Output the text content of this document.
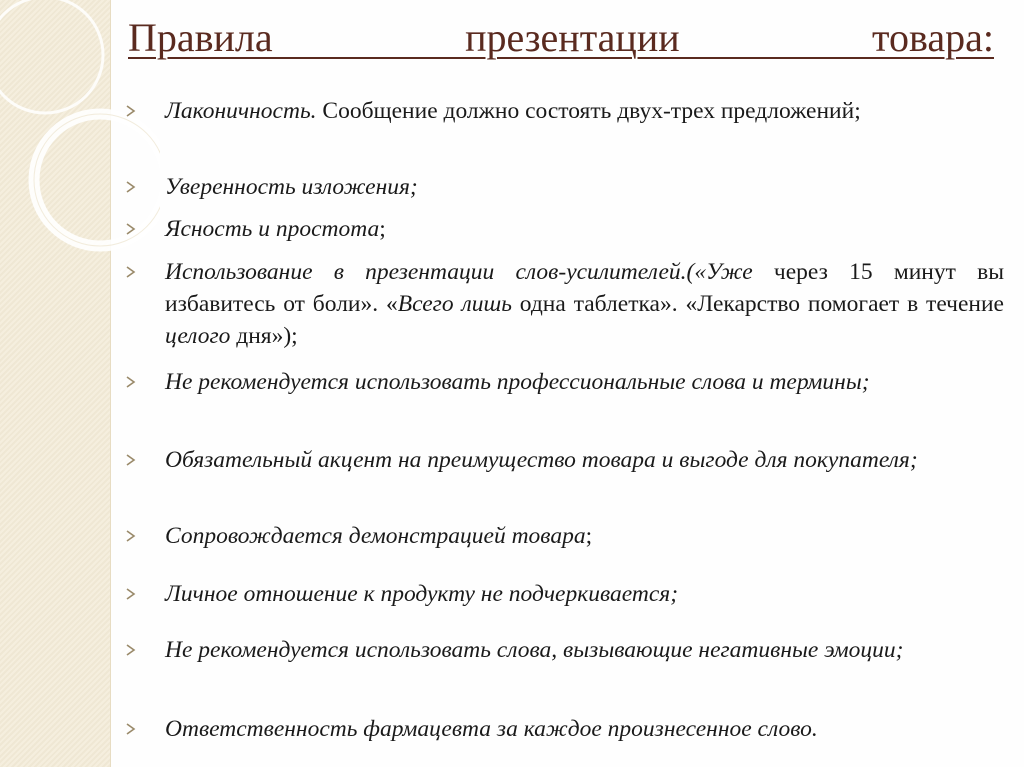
Правила презентации товара:
Лаконичность. Сообщение должно состоять двух-трех предложений;
Уверенность изложения;
Ясность и простота;
Использование в презентации слов-усилителей.(«Уже через 15 минут вы избавитесь от боли». «Всего лишь одна таблетка». «Лекарство помогает в течение целого дня»);
Не рекомендуется использовать профессиональные слова и термины;
Обязательный акцент на преимущество товара и выгоде для покупателя;
Сопровождается демонстрацией товара;
Личное отношение к продукту не подчеркивается;
Не рекомендуется использовать слова, вызывающие негативные эмоции;
Ответственность фармацевта за каждое произнесенное слово.
